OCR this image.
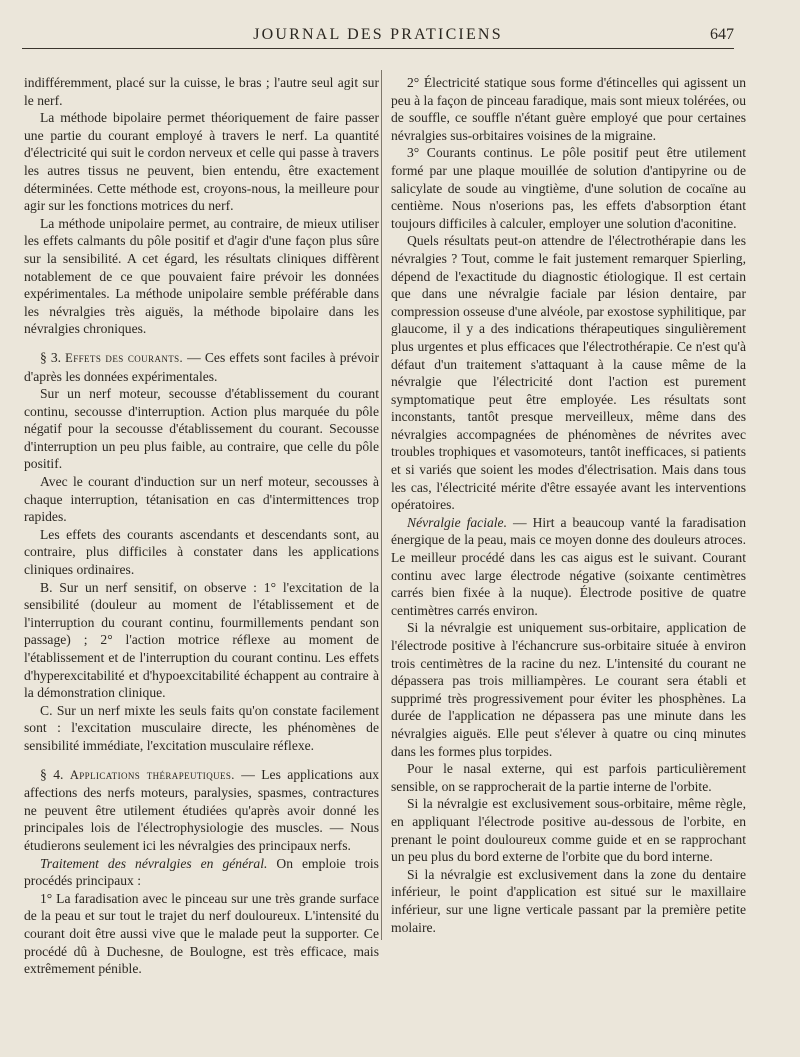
JOURNAL DES PRATICIENS	647

indifféremment, placé sur la cuisse, le bras ; l'autre seul agit sur le nerf.

La méthode bipolaire permet théoriquement de faire passer une partie du courant employé à travers le nerf. La quantité d'électricité qui suit le cordon nerveux et celle qui passe à travers les autres tissus ne peuvent, bien entendu, être exactement déterminées. Cette méthode est, croyons-nous, la meilleure pour agir sur les fonctions motrices du nerf.

La méthode unipolaire permet, au contraire, de mieux utiliser les effets calmants du pôle positif et d'agir d'une façon plus sûre sur la sensibilité. A cet égard, les résultats cliniques diffèrent notablement de ce que pouvaient faire prévoir les données expérimentales. La méthode unipolaire semble préférable dans les névralgies très aiguës, la méthode bipolaire dans les névralgies chroniques.

§ 3. Effets des courants. — Ces effets sont faciles à prévoir d'après les données expérimentales.

Sur un nerf moteur, secousse d'établissement du courant continu, secousse d'interruption. Action plus marquée du pôle négatif pour la secousse d'établissement du courant. Secousse d'interruption un peu plus faible, au contraire, que celle du pôle positif.

Avec le courant d'induction sur un nerf moteur, secousses à chaque interruption, tétanisation en cas d'intermittences trop rapides.

Les effets des courants ascendants et descendants sont, au contraire, plus difficiles à constater dans les applications cliniques ordinaires.

B. Sur un nerf sensitif, on observe : 1° l'excitation de la sensibilité (douleur au moment de l'établissement et de l'interruption du courant continu, fourmillements pendant son passage) ; 2° l'action motrice réflexe au moment de l'établissement et de l'interruption du courant continu. Les effets d'hyperexcitabilité et d'hypoexcitabilité échappent au contraire à la démonstration clinique.

C. Sur un nerf mixte les seuls faits qu'on constate facilement sont : l'excitation musculaire directe, les phénomènes de sensibilité immédiate, l'excitation musculaire réflexe.

§ 4. Applications thérapeutiques. — Les applications aux affections des nerfs moteurs, paralysies, spasmes, contractures ne peuvent être utilement étudiées qu'après avoir donné les principales lois de l'électrophysiologie des muscles. — Nous étudierons seulement ici les névralgies des principaux nerfs.

Traitement des névralgies en général. On emploie trois procédés principaux :

1° La faradisation avec le pinceau sur une très grande surface de la peau et sur tout le trajet du nerf douloureux. L'intensité du courant doit être aussi vive que le malade peut la supporter. Ce procédé dû à Duchesne, de Boulogne, est très efficace, mais extrêmement pénible.

2° Électricité statique sous forme d'étincelles qui agissent un peu à la façon de pinceau faradique, mais sont mieux tolérées, ou de souffle, ce souffle n'étant guère employé que pour certaines névralgies sus-orbitaires voisines de la migraine.

3° Courants continus. Le pôle positif peut être utilement formé par une plaque mouillée de solution d'antipyrine ou de salicylate de soude au vingtième, d'une solution de cocaïne au centième. Nous n'oserions pas, les effets d'absorption étant toujours difficiles à calculer, employer une solution d'aconitine.

Quels résultats peut-on attendre de l'électrothérapie dans les névralgies ? Tout, comme le fait justement remarquer Spierling, dépend de l'exactitude du diagnostic étiologique. Il est certain que dans une névralgie faciale par lésion dentaire, par compression osseuse d'une alvéole, par exostose syphilitique, par glaucome, il y a des indications thérapeutiques singulièrement plus urgentes et plus efficaces que l'électrothérapie. Ce n'est qu'à défaut d'un traitement s'attaquant à la cause même de la névralgie que l'électricité dont l'action est purement symptomatique peut être employée. Les résultats sont inconstants, tantôt presque merveilleux, même dans des névralgies accompagnées de phénomènes de névrites avec troubles trophiques et vasomoteurs, tantôt inefficaces, si patients et si variés que soient les modes d'électrisation. Mais dans tous les cas, l'électricité mérite d'être essayée avant les interventions opératoires.

Névralgie faciale. — Hirt a beaucoup vanté la faradisation énergique de la peau, mais ce moyen donne des douleurs atroces. Le meilleur procédé dans les cas aigus est le suivant. Courant continu avec large électrode négative (soixante centimètres carrés bien fixée à la nuque). Électrode positive de quatre centimètres carrés environ.

Si la névralgie est uniquement sus-orbitaire, application de l'électrode positive à l'échancrure sus-orbitaire située à environ trois centimètres de la racine du nez. L'intensité du courant ne dépassera pas trois milliampères. Le courant sera établi et supprimé très progressivement pour éviter les phosphènes. La durée de l'application ne dépassera pas une minute dans les névralgies aiguës. Elle peut s'élever à quatre ou cinq minutes dans les formes plus torpides.

Pour le nasal externe, qui est parfois particulièrement sensible, on se rapprocherait de la partie interne de l'orbite.

Si la névralgie est exclusivement sous-orbitaire, même règle, en appliquant l'électrode positive au-dessous de l'orbite, en prenant le point douloureux comme guide et en se rapprochant un peu plus du bord externe de l'orbite que du bord interne.

Si la névralgie est exclusivement dans la zone du dentaire inférieur, le point d'application est situé sur le maxillaire inférieur, sur une ligne verticale passant par la première petite molaire.
